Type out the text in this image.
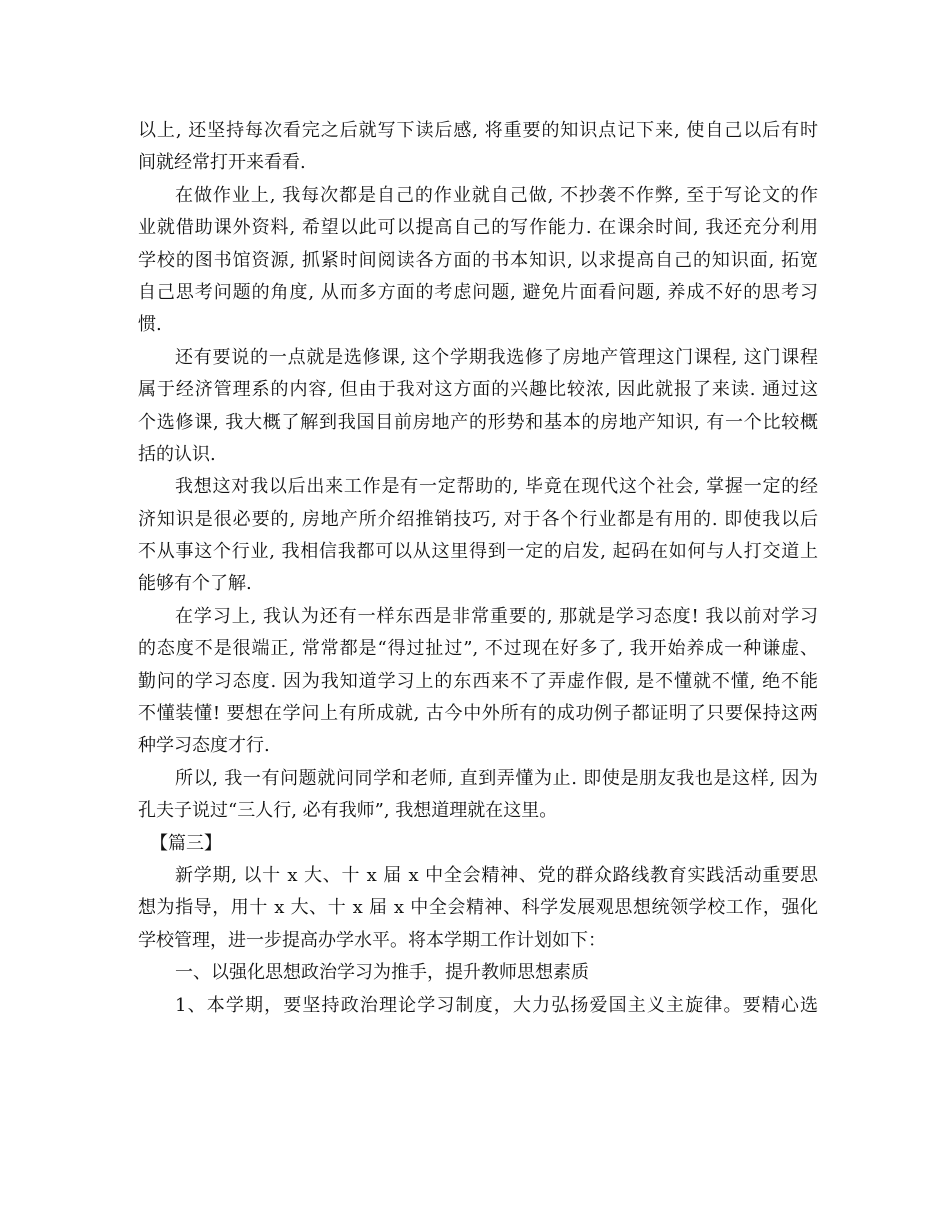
以上, 还坚持每次看完之后就写下读后感, 将重要的知识点记下来, 使自己以后有时
间就经常打开来看看.
在做作业上, 我每次都是自己的作业就自己做, 不抄袭不作弊, 至于写论文的作
业就借助课外资料, 希望以此可以提高自己的写作能力. 在课余时间, 我还充分利用
学校的图书馆资源, 抓紧时间阅读各方面的书本知识, 以求提高自己的知识面, 拓宽
自己思考问题的角度, 从而多方面的考虑问题, 避免片面看问题, 养成不好的思考习
惯.
还有要说的一点就是选修课, 这个学期我选修了房地产管理这门课程, 这门课程
属于经济管理系的内容, 但由于我对这方面的兴趣比较浓, 因此就报了来读. 通过这
个选修课, 我大概了解到我国目前房地产的形势和基本的房地产知识, 有一个比较概
括的认识.
我想这对我以后出来工作是有一定帮助的, 毕竟在现代这个社会, 掌握一定的经
济知识是很必要的, 房地产所介绍推销技巧, 对于各个行业都是有用的. 即使我以后
不从事这个行业, 我相信我都可以从这里得到一定的启发, 起码在如何与人打交道上
能够有个了解.
在学习上, 我认为还有一样东西是非常重要的, 那就是学习态度! 我以前对学习
的态度不是很端正, 常常都是“得过扯过”, 不过现在好多了, 我开始养成一种谦虚、
勤问的学习态度. 因为我知道学习上的东西来不了弄虚作假, 是不懂就不懂, 绝不能
不懂装懂! 要想在学问上有所成就, 古今中外所有的成功例子都证明了只要保持这两
种学习态度才行.
所以, 我一有问题就问同学和老师, 直到弄懂为止. 即使是朋友我也是这样, 因为
孔夫子说过“三人行, 必有我师”, 我想道理就在这里。
【篇三】
新学期, 以十 x 大、十 x 届 x 中全会精神、党的群众路线教育实践活动重要思
想为指导，用十 x 大、十 x 届 x 中全会精神、科学发展观思想统领学校工作，强化
学校管理，进一步提高办学水平。将本学期工作计划如下：
一、以强化思想政治学习为推手，提升教师思想素质
1、本学期，要坚持政治理论学习制度，大力弘扬爱国主义主旋律。要精心选
